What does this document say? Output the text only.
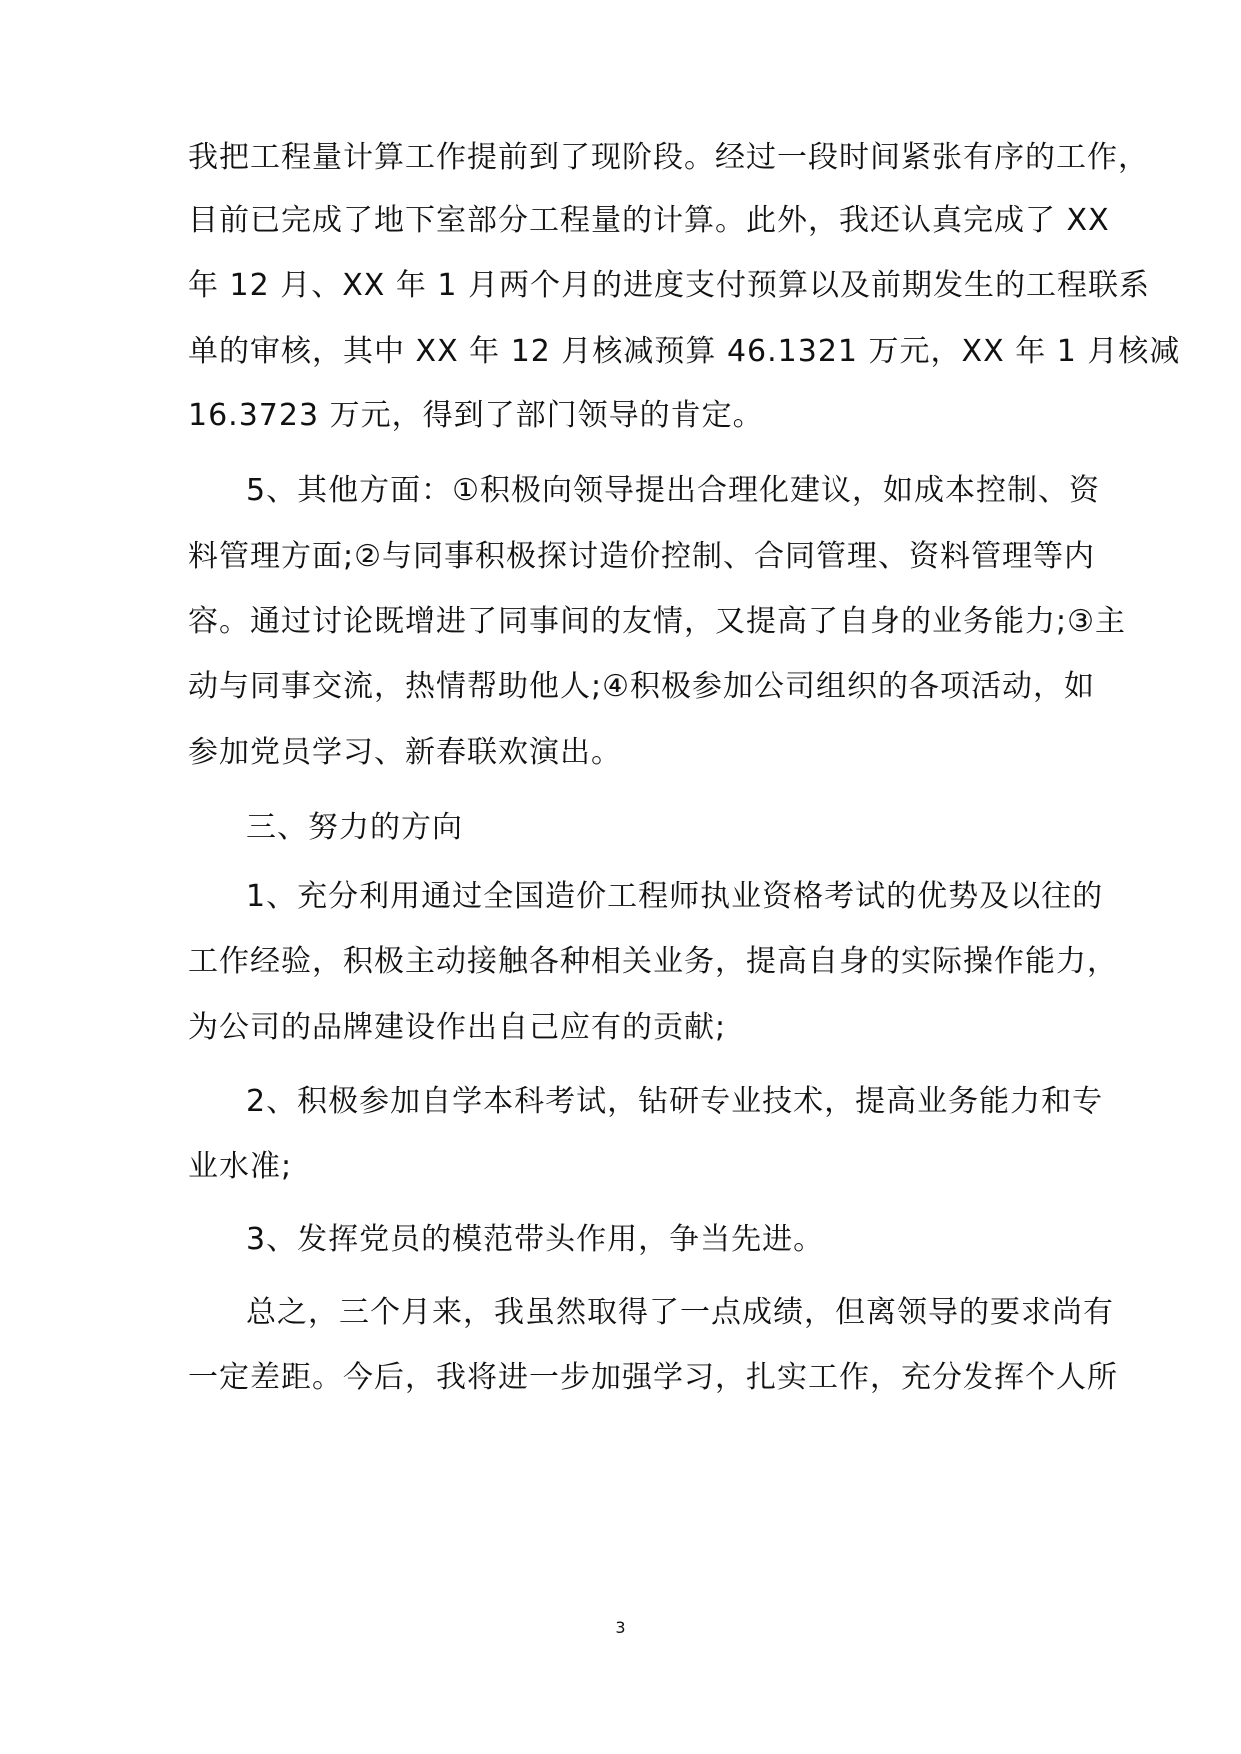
我把工程量计算工作提前到了现阶段。经过一段时间紧张有序的工作，
目前已完成了地下室部分工程量的计算。此外，我还认真完成了 XX
年 12 月、XX 年 1 月两个月的进度支付预算以及前期发生的工程联系
单的审核，其中 XX 年 12 月核减预算 46.1321 万元，XX 年 1 月核减
16.3723 万元，得到了部门领导的肯定。
5、其他方面：①积极向领导提出合理化建议，如成本控制、资
料管理方面;②与同事积极探讨造价控制、合同管理、资料管理等内
容。通过讨论既增进了同事间的友情，又提高了自身的业务能力;③主
动与同事交流，热情帮助他人;④积极参加公司组织的各项活动，如
参加党员学习、新春联欢演出。
三、努力的方向
1、充分利用通过全国造价工程师执业资格考试的优势及以往的
工作经验，积极主动接触各种相关业务，提高自身的实际操作能力，
为公司的品牌建设作出自己应有的贡献;
2、积极参加自学本科考试，钻研专业技术，提高业务能力和专
业水准;
3、发挥党员的模范带头作用，争当先进。
总之，三个月来，我虽然取得了一点成绩，但离领导的要求尚有
一定差距。今后，我将进一步加强学习，扎实工作，充分发挥个人所
3
